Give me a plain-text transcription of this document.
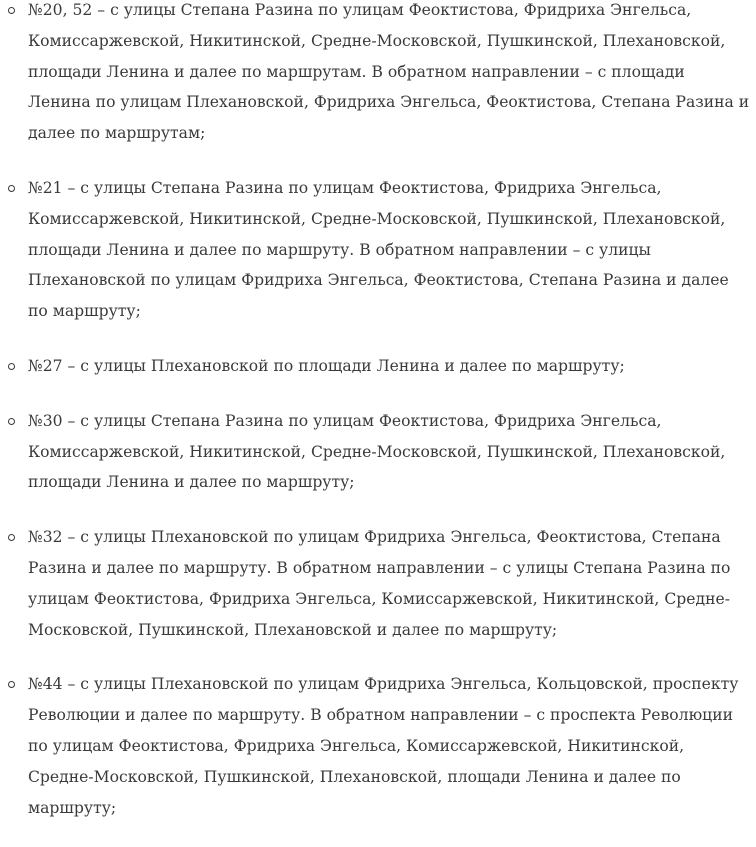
№20, 52 – с улицы Степана Разина по улицам Феоктистова, Фридриха Энгельса, Комиссаржевской, Никитинской, Средне-Московской, Пушкинской, Плехановской, площади Ленина и далее по маршрутам. В обратном направлении – с площади Ленина по улицам Плехановской, Фридриха Энгельса, Феоктистова, Степана Разина и далее по маршрутам;
№21 – с улицы Степана Разина по улицам Феоктистова, Фридриха Энгельса, Комиссаржевской, Никитинской, Средне-Московской, Пушкинской, Плехановской, площади Ленина и далее по маршруту. В обратном направлении – с улицы Плехановской по улицам Фридриха Энгельса, Феоктистова, Степана Разина и далее по маршруту;
№27 – с улицы Плехановской по площади Ленина и далее по маршруту;
№30 – с улицы Степана Разина по улицам Феоктистова, Фридриха Энгельса, Комиссаржевской, Никитинской, Средне-Московской, Пушкинской, Плехановской, площади Ленина и далее по маршруту;
№32 – с улицы Плехановской по улицам Фридриха Энгельса, Феоктистова, Степана Разина и далее по маршруту. В обратном направлении – с улицы Степана Разина по улицам Феоктистова, Фридриха Энгельса, Комиссаржевской, Никитинской, Средне-Московской, Пушкинской, Плехановской и далее по маршруту;
№44 – с улицы Плехановской по улицам Фридриха Энгельса, Кольцовской, проспекту Революции и далее по маршруту. В обратном направлении – с проспекта Революции по улицам Феоктистова, Фридриха Энгельса, Комиссаржевской, Никитинской, Средне-Московской, Пушкинской, Плехановской, площади Ленина и далее по маршруту;
